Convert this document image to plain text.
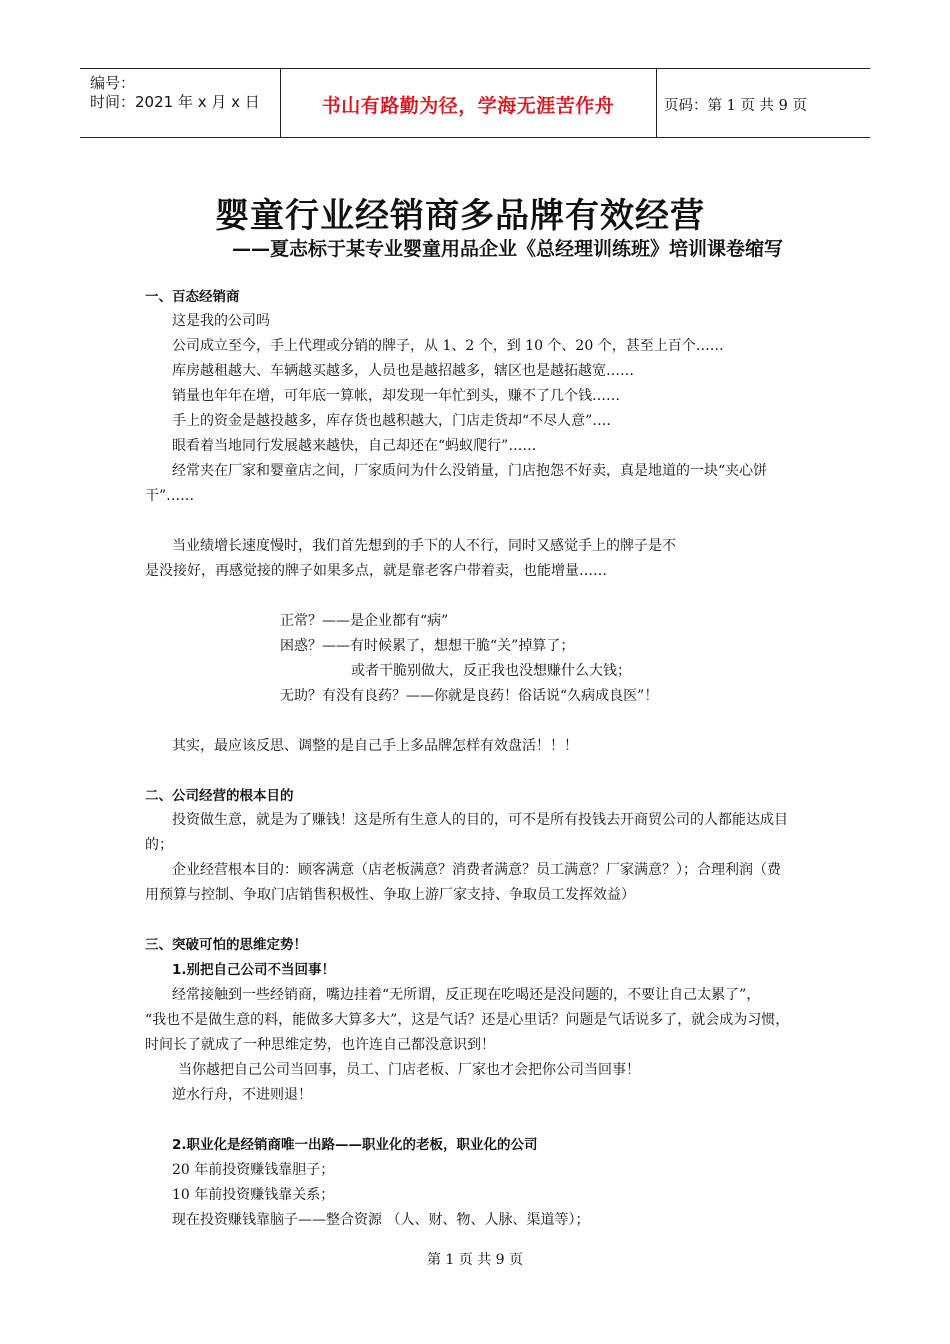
编号：
时间：2021 年 x 月 x 日	书山有路勤为径，学海无涯苦作舟	页码：第 1 页 共 9 页
婴童行业经销商多品牌有效经营
——夏志标于某专业婴童用品企业《总经理训练班》培训课卷缩写
一、百态经销商
这是我的公司吗
公司成立至今，手上代理或分销的牌子，从 1、2 个，到 10 个、20 个，甚至上百个……
库房越租越大、车辆越买越多，人员也是越招越多，辖区也是越拓越宽……
销量也年年在增，可年底一算帐，却发现一年忙到头，赚不了几个钱……
手上的资金是越投越多，库存货也越积越大，门店走货却“不尽人意”….
眼看着当地同行发展越来越快，自己却还在“蚂蚁爬行”……
经常夹在厂家和婴童店之间，厂家质问为什么没销量，门店抱怨不好卖，真是地道的一块“夹心饼
干”……
当业绩增长速度慢时，我们首先想到的手下的人不行，同时又感觉手上的牌子是不
是没接好，再感觉接的牌子如果多点，就是靠老客户带着卖，也能增量……
正常？——是企业都有“病”
困惑？——有时候累了，想想干脆“关”掉算了；
或者干脆别做大，反正我也没想赚什么大钱；
无助？有没有良药？——你就是良药！俗话说“久病成良医”！
其实，最应该反思、调整的是自己手上多品牌怎样有效盘活！！！
二、公司经营的根本目的
投资做生意，就是为了赚钱！这是所有生意人的目的，可不是所有投钱去开商贸公司的人都能达成目
的；
企业经营根本目的：顾客满意（店老板满意？消费者满意？员工满意？厂家满意？）；合理利润（费
用预算与控制、争取门店销售积极性、争取上游厂家支持、争取员工发挥效益）
三、突破可怕的思维定势！
1.别把自己公司不当回事！
经常接触到一些经销商，嘴边挂着“无所谓，反正现在吃喝还是没问题的，不要让自己太累了”，
“我也不是做生意的料，能做多大算多大”，这是气话？还是心里话？问题是气话说多了，就会成为习惯，
时间长了就成了一种思维定势，也许连自己都没意识到！
当你越把自己公司当回事，员工、门店老板、厂家也才会把你公司当回事！
逆水行舟，不进则退！
2.职业化是经销商唯一出路——职业化的老板，职业化的公司
20 年前投资赚钱靠胆子；
10 年前投资赚钱靠关系；
现在投资赚钱靠脑子——整合资源 （人、财、物、人脉、渠道等）；
第 1 页 共 9 页
